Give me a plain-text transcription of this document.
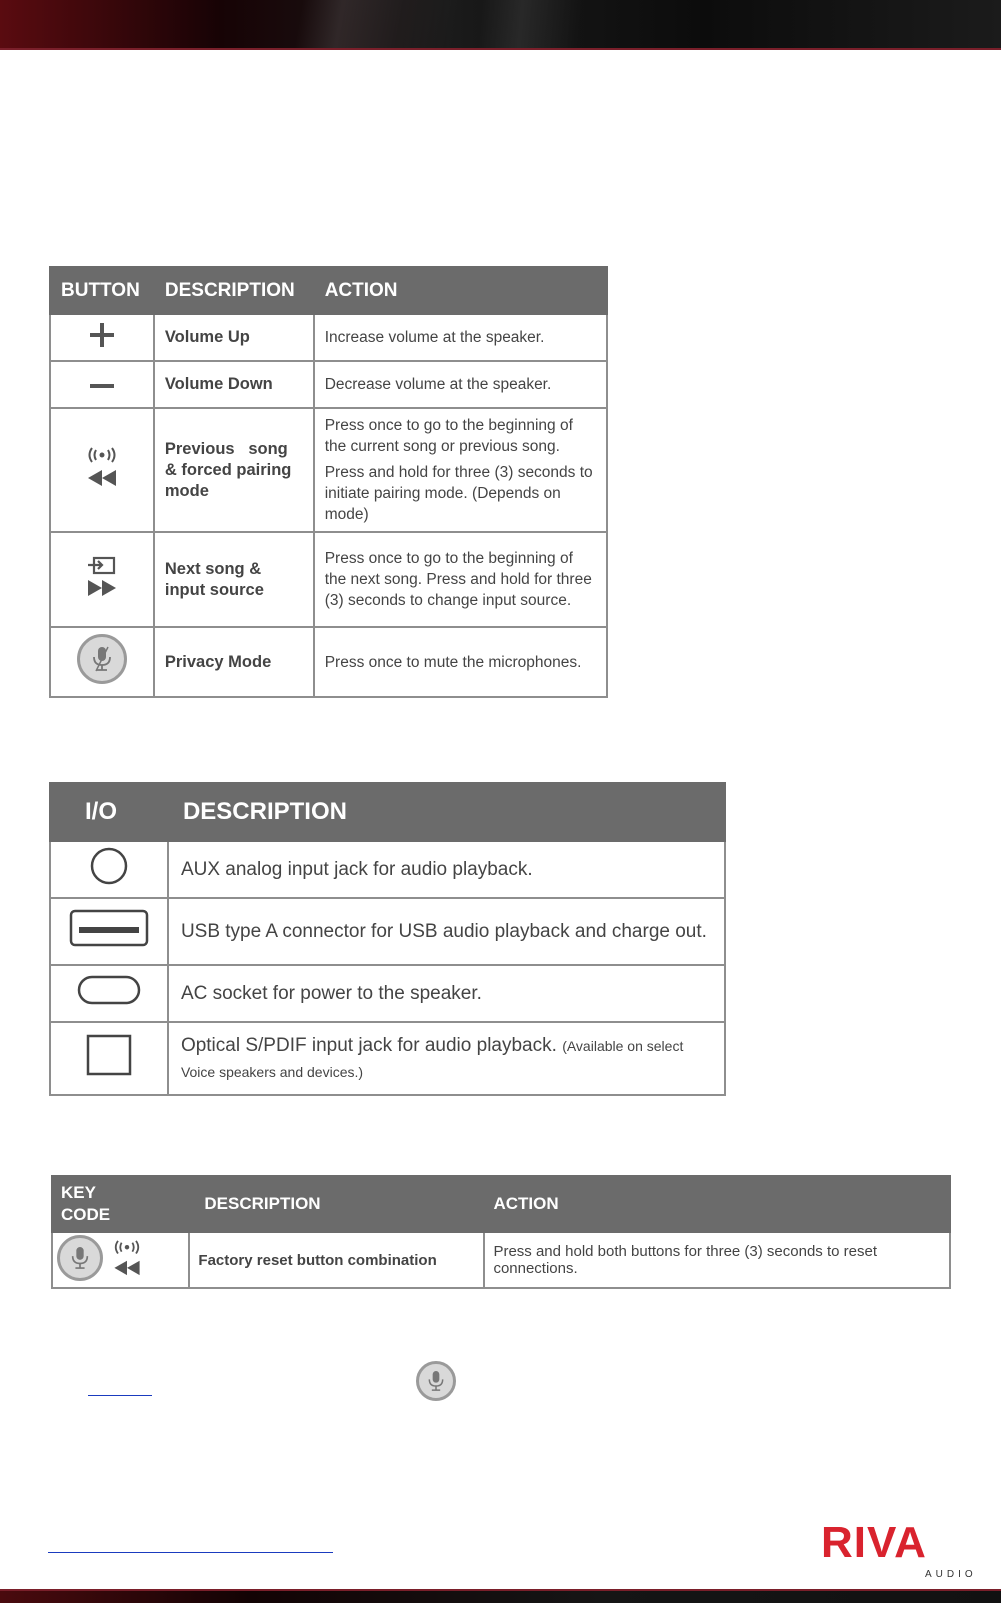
BUTTON	DESCRIPTION	ACTION
	Volume Up	Increase volume at the speaker.
	Volume Down	Decrease volume at the speaker.
	Previous   song & forced pairing mode	Press once to go to the beginning of the current song or previous song.
Press and hold for three (3) seconds to initiate pairing mode. (Depends on mode)

	Next song & input source	Press once to go to the beginning of the next song. Press and hold for three (3) seconds to change input source.

	Privacy Mode	Press once to mute the microphones.
I/O	DESCRIPTION
	AUX analog input jack for audio playback.
	USB type A connector for USB audio playback and charge out.
	AC socket for power to the speaker.
	Optical S/PDIF input jack for audio playback. (Available on select Voice speakers and devices.)
KEY CODE	DESCRIPTION	ACTION

	Factory reset button combination	Press and hold both buttons for three (3) seconds to reset connections.
RIVA
AUDIO
